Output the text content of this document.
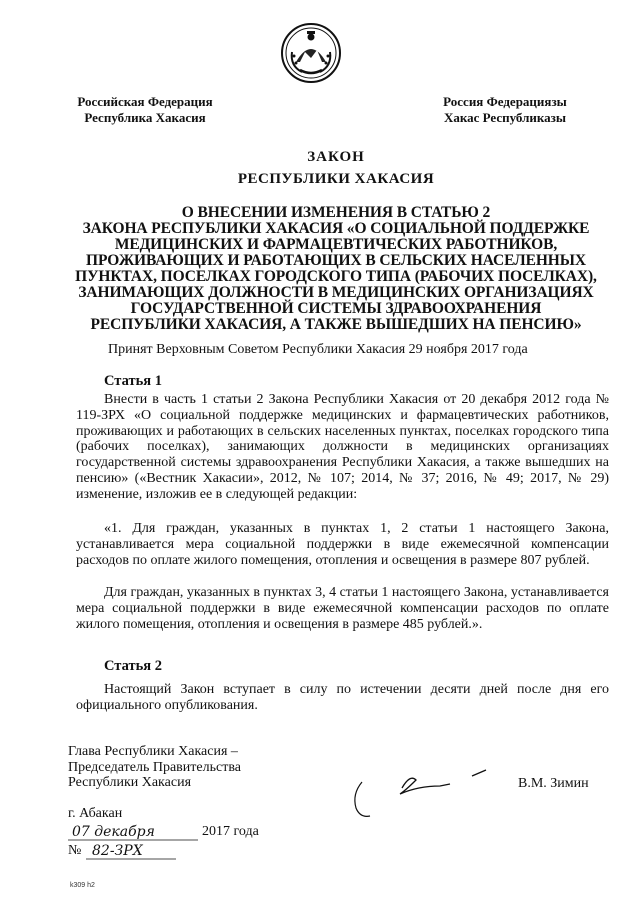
Российская Федерация
Республика Хакасия
Россия Федерациязы
Хакас Республиказы
ЗАКОН
РЕСПУБЛИКИ ХАКАСИЯ
О ВНЕСЕНИИ ИЗМЕНЕНИЯ В СТАТЬЮ 2
ЗАКОНА РЕСПУБЛИКИ ХАКАСИЯ «О СОЦИАЛЬНОЙ ПОДДЕРЖКЕ
МЕДИЦИНСКИХ И ФАРМАЦЕВТИЧЕСКИХ РАБОТНИКОВ,
ПРОЖИВАЮЩИХ И РАБОТАЮЩИХ В СЕЛЬСКИХ НАСЕЛЕННЫХ
ПУНКТАХ, ПОСЕЛКАХ ГОРОДСКОГО ТИПА (РАБОЧИХ ПОСЕЛКАХ),
ЗАНИМАЮЩИХ ДОЛЖНОСТИ В МЕДИЦИНСКИХ ОРГАНИЗАЦИЯХ
ГОСУДАРСТВЕННОЙ СИСТЕМЫ ЗДРАВООХРАНЕНИЯ
РЕСПУБЛИКИ ХАКАСИЯ, А ТАКЖЕ ВЫШЕДШИХ НА ПЕНСИЮ»
Принят Верховным Советом Республики Хакасия 29 ноября 2017 года
Статья 1

Внести в часть 1 статьи 2 Закона Республики Хакасия от 20 декабря 2012 года № 119-ЗРХ «О социальной поддержке медицинских и фармацевтических работников, проживающих и работающих в сельских населенных пунктах, поселках городского типа (рабочих поселках), занимающих должности в медицинских организациях государственной системы здравоохранения Республики Хакасия, а также вышедших на пенсию» («Вестник Хакасии», 2012, № 107; 2014, № 37; 2016, № 49; 2017, № 29) изменение, изложив ее в следующей редакции:

«1. Для граждан, указанных в пунктах 1, 2 статьи 1 настоящего Закона, устанавливается мера социальной поддержки в виде ежемесячной компенсации расходов по оплате жилого помещения, отопления и освещения в размере 807 рублей.

Для граждан, указанных в пунктах 3, 4 статьи 1 настоящего Закона, устанавливается мера социальной поддержки в виде ежемесячной компенсации расходов по оплате жилого помещения, отопления и освещения в размере 485 рублей.».

Статья 2

Настоящий Закон вступает в силу по истечении десяти дней после дня его официального опубликования.

Глава Республики Хакасия –
Председатель Правительства
Республики Хакасия	В.М. Зимин
г. Абакан
07 декабря	2017 года
№ 82-ЗРХ
k309 h2
